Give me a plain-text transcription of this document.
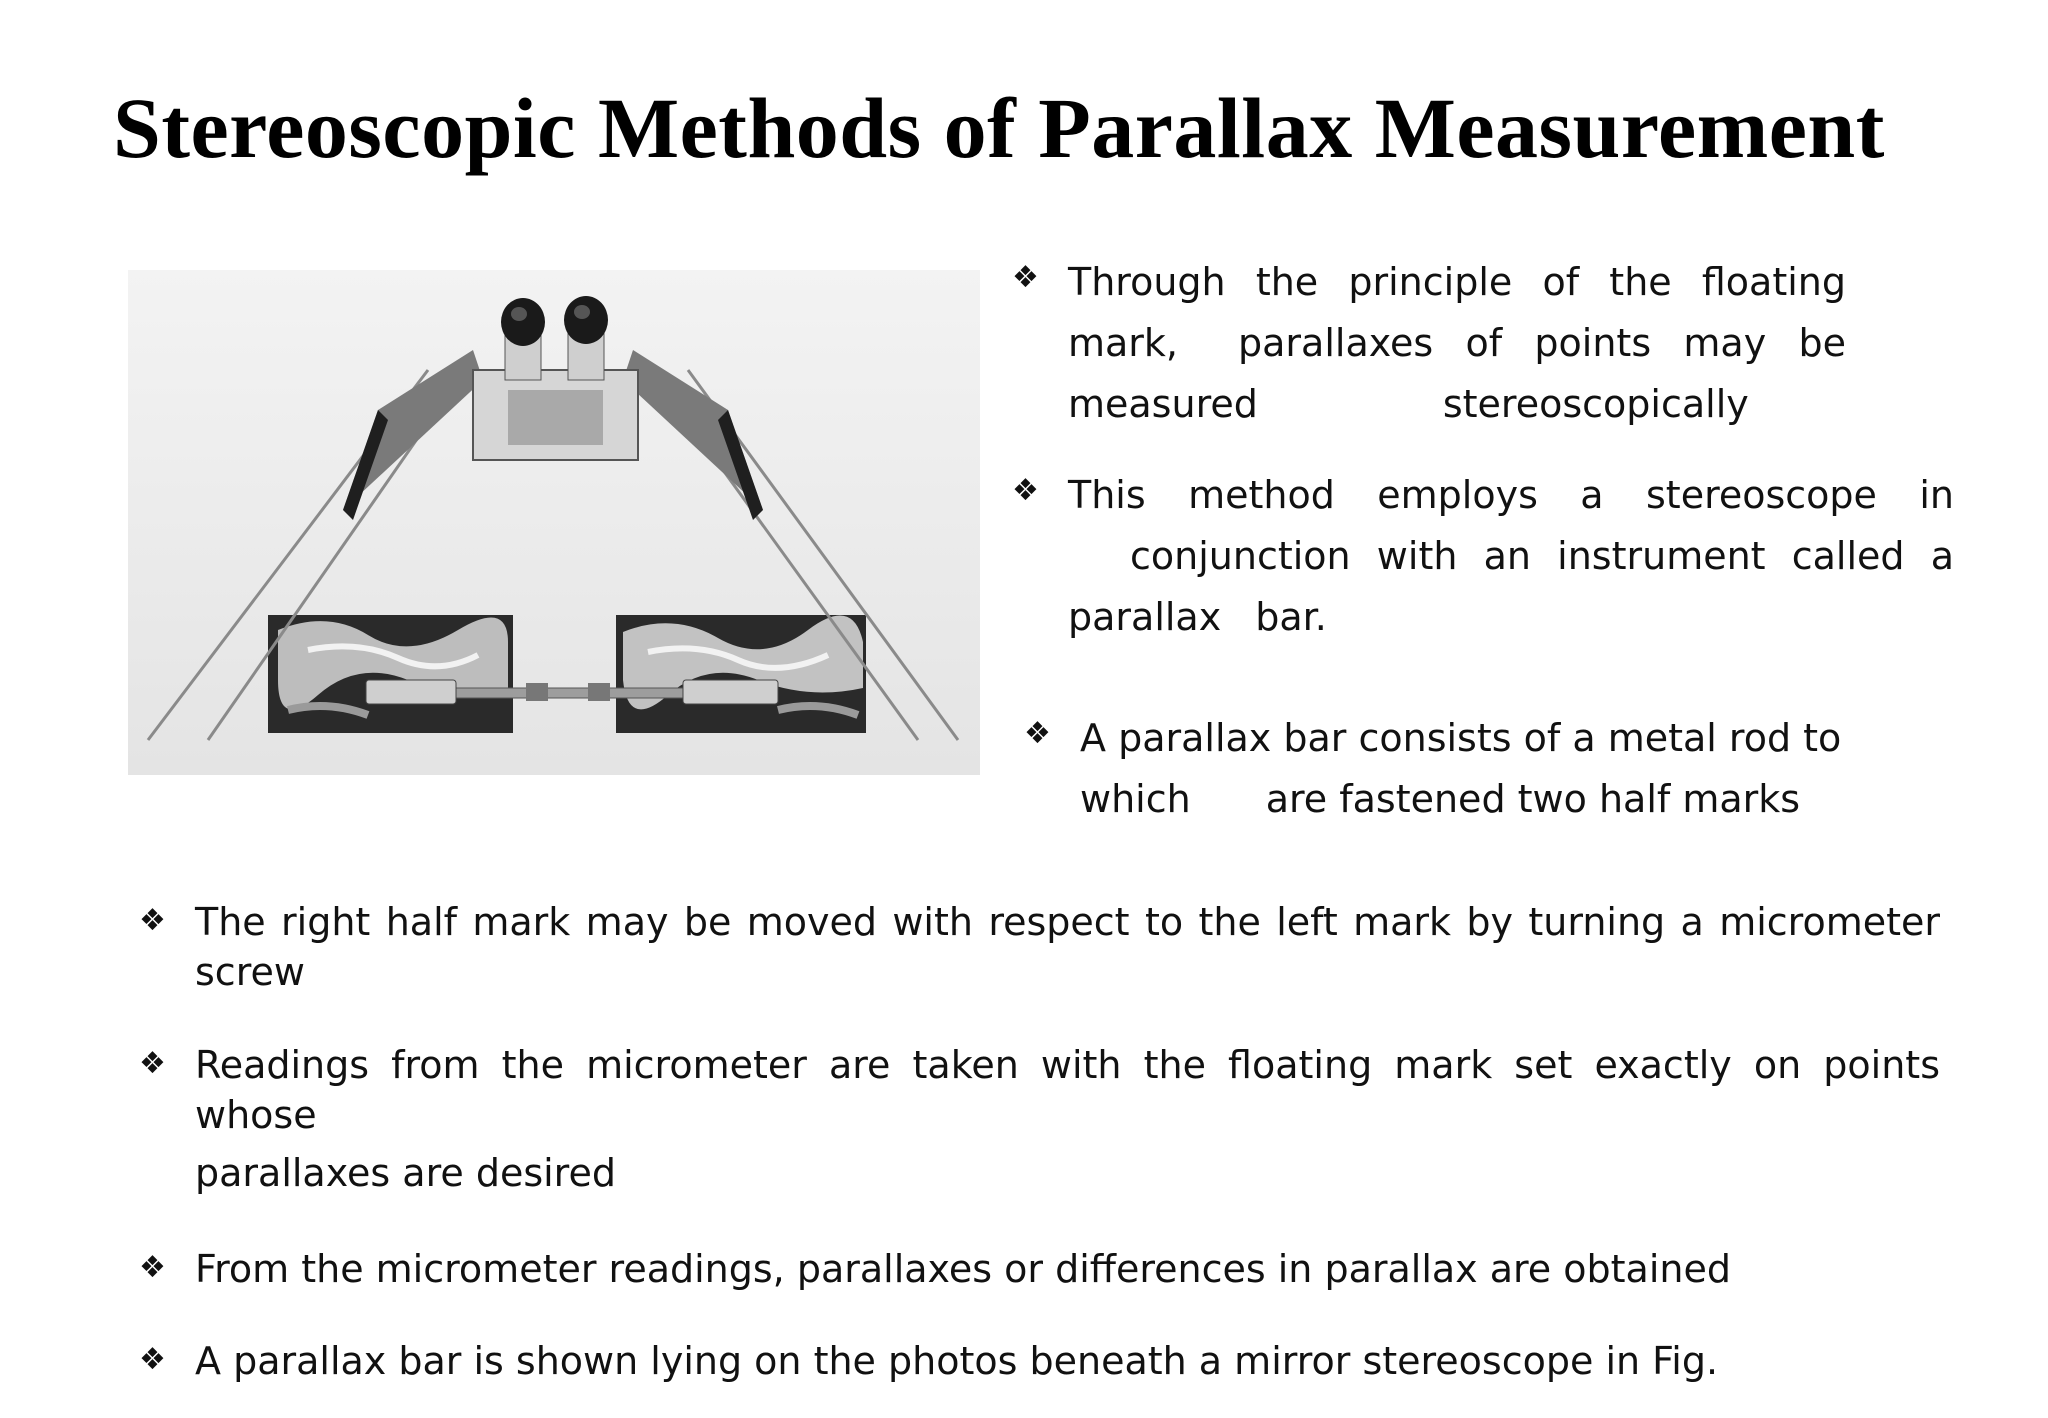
Stereoscopic Methods of Parallax Measurement
❖ Through the principle of the floating
mark, parallaxes of points may be
measured	stereoscopically
❖ This method employs a stereoscope in
conjunction with an instrument called a
parallax bar.
❖ A parallax bar consists of a metal rod to
which are fastened two half marks
❖ The right half mark may be moved with respect to the left mark by turning a micrometer screw
❖ Readings from the micrometer are taken with the floating mark set exactly on points whose
parallaxes are desired
❖ From the micrometer readings, parallaxes or differences in parallax are obtained
❖ A parallax bar is shown lying on the photos beneath a mirror stereoscope in Fig.
